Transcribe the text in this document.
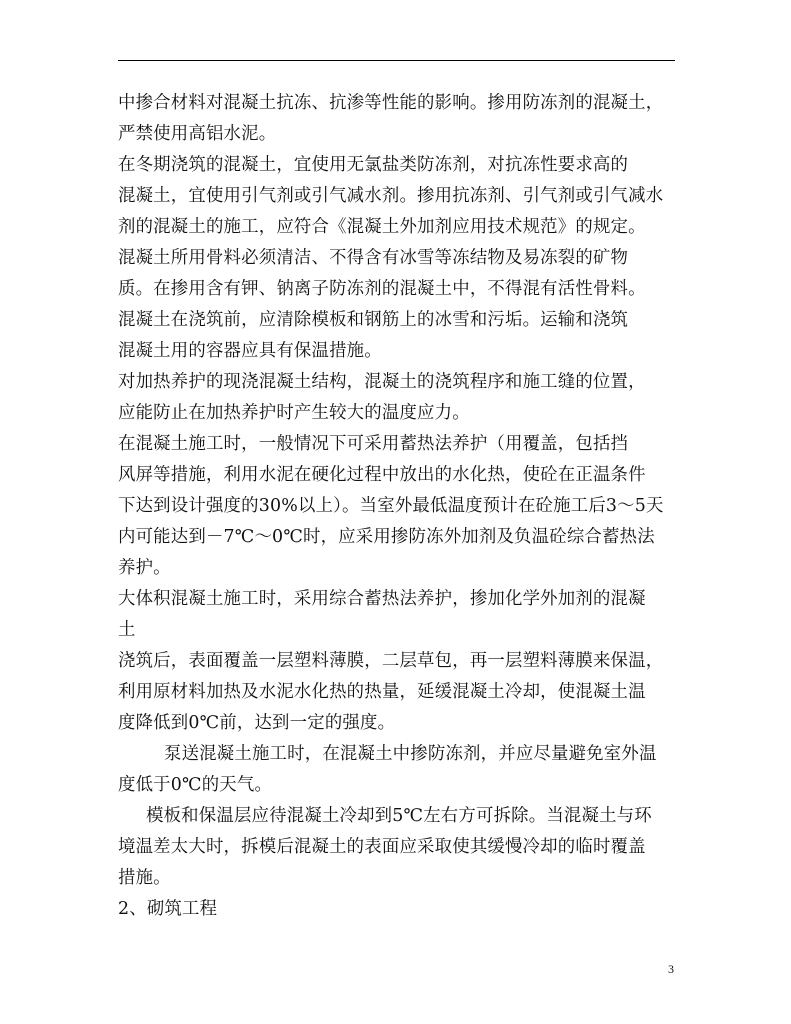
中掺合材料对混凝土抗冻、抗渗等性能的影响。掺用防冻剂的混凝土，
严禁使用高铝水泥。
在冬期浇筑的混凝土，宜使用无氯盐类防冻剂，对抗冻性要求高的
混凝土，宜使用引气剂或引气减水剂。掺用抗冻剂、引气剂或引气减水
剂的混凝土的施工，应符合《混凝土外加剂应用技术规范》的规定。
混凝土所用骨料必须清洁、不得含有冰雪等冻结物及易冻裂的矿物
质。在掺用含有钾、钠离子防冻剂的混凝土中，不得混有活性骨料。
混凝土在浇筑前，应清除模板和钢筋上的冰雪和污垢。运输和浇筑
混凝土用的容器应具有保温措施。
对加热养护的现浇混凝土结构，混凝土的浇筑程序和施工缝的位置，
应能防止在加热养护时产生较大的温度应力。
在混凝土施工时，一般情况下可采用蓄热法养护（用覆盖，包括挡
风屏等措施，利用水泥在硬化过程中放出的水化热，使砼在正温条件
下达到设计强度的30%以上）。当室外最低温度预计在砼施工后3～5天
内可能达到－7℃～0℃时，应采用掺防冻外加剂及负温砼综合蓄热法
养护。
大体积混凝土施工时，采用综合蓄热法养护，掺加化学外加剂的混凝
土
浇筑后，表面覆盖一层塑料薄膜，二层草包，再一层塑料薄膜来保温，
利用原材料加热及水泥水化热的热量，延缓混凝土冷却，使混凝土温
度降低到0℃前，达到一定的强度。
泵送混凝土施工时，在混凝土中掺防冻剂，并应尽量避免室外温
度低于0℃的天气。
模板和保温层应待混凝土冷却到5℃左右方可拆除。当混凝土与环
境温差太大时，拆模后混凝土的表面应采取使其缓慢冷却的临时覆盖
措施。
2、砌筑工程
3
